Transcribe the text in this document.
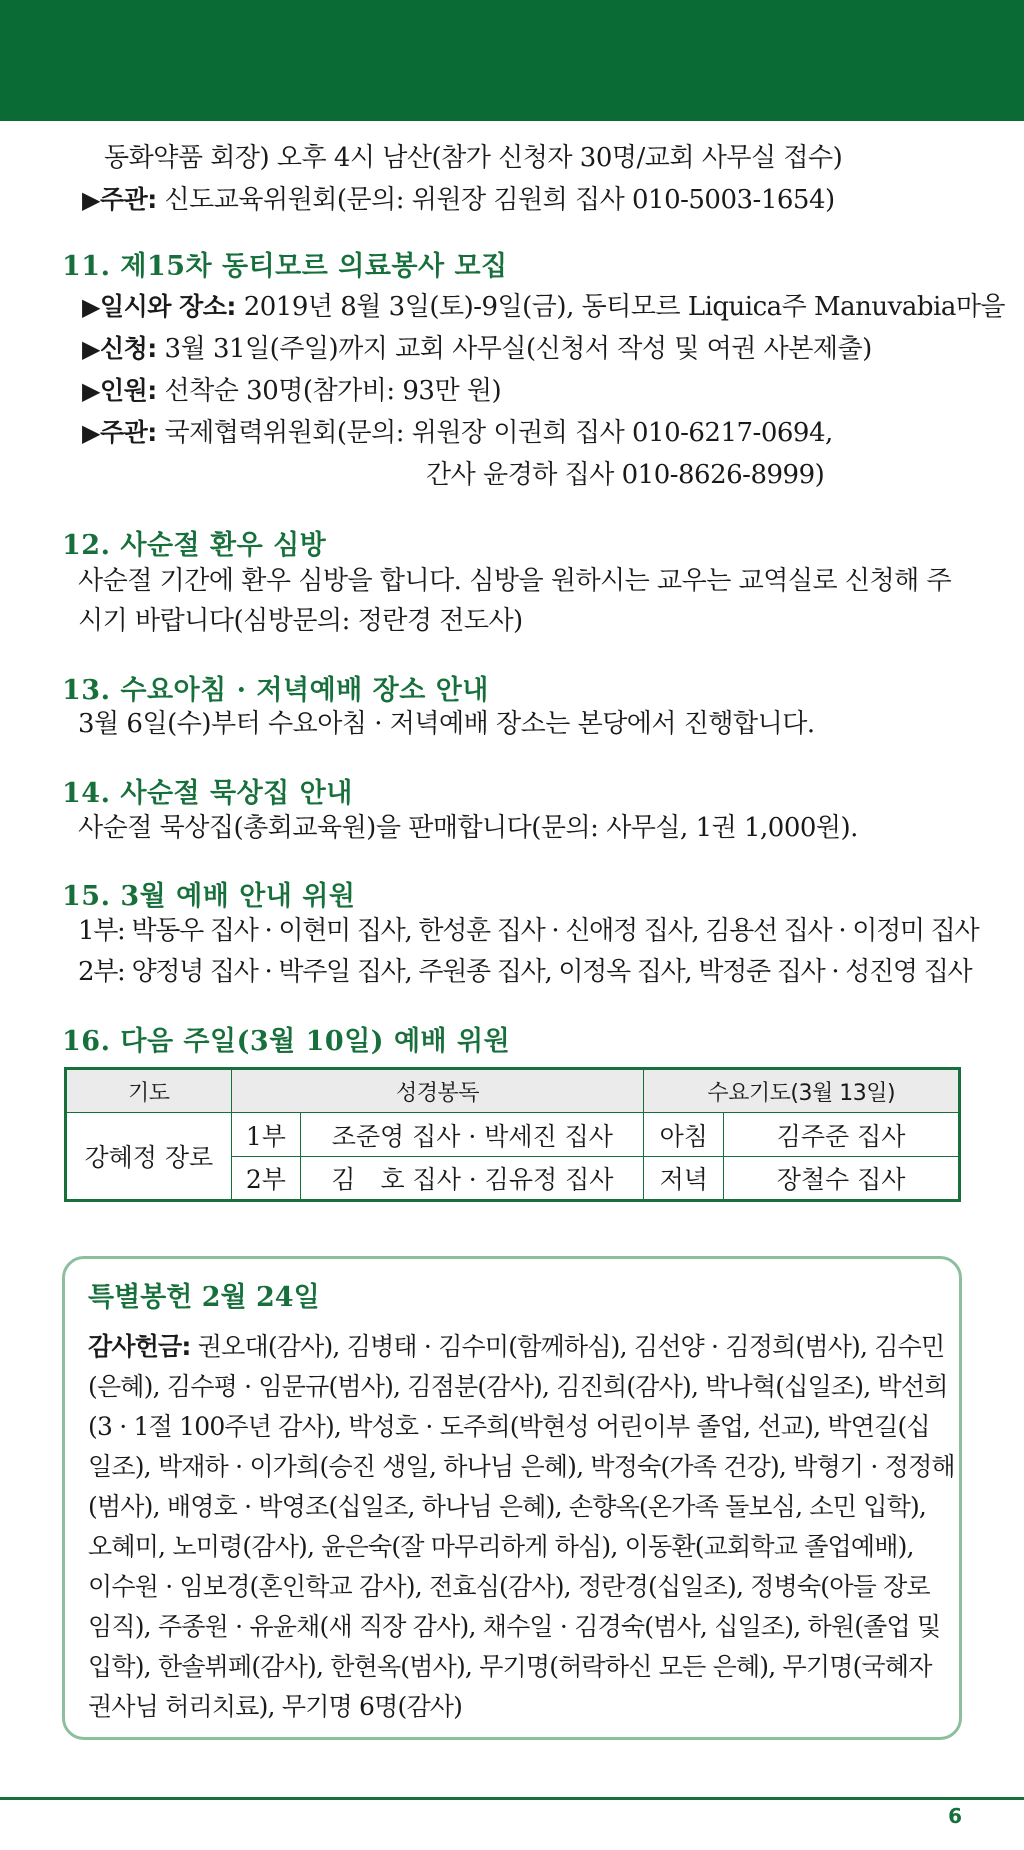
동화약품 회장) 오후 4시 남산(참가 신청자 30명/교회 사무실 접수)
▶주관: 신도교육위원회(문의: 위원장 김원희 집사 010-5003-1654)
11. 제15차 동티모르 의료봉사 모집
▶일시와 장소: 2019년 8월 3일(토)-9일(금), 동티모르 Liquica주 Manuvabia마을
▶신청: 3월 31일(주일)까지 교회 사무실(신청서 작성 및 여권 사본제출)
▶인원: 선착순 30명(참가비: 93만 원)
▶주관: 국제협력위원회(문의: 위원장 이권희 집사 010-6217-0694,
간사 윤경하 집사 010-8626-8999)
12. 사순절 환우 심방
사순절 기간에 환우 심방을 합니다. 심방을 원하시는 교우는 교역실로 신청해 주
시기 바랍니다(심방문의: 정란경 전도사)
13. 수요아침 · 저녁예배 장소 안내
3월 6일(수)부터 수요아침 · 저녁예배 장소는 본당에서 진행합니다.
14. 사순절 묵상집 안내
사순절 묵상집(총회교육원)을 판매합니다(문의: 사무실, 1권 1,000원).
15. 3월 예배 안내 위원
1부: 박동우 집사 · 이현미 집사, 한성훈 집사 · 신애정 집사, 김용선 집사 · 이정미 집사
2부: 양정녕 집사 · 박주일 집사, 주원종 집사, 이정옥 집사, 박정준 집사 · 성진영 집사
16. 다음 주일(3월 10일) 예배 위원
기도	성경봉독		수요기도(3월 13일)	
강혜정 장로	1부	조준영 집사 · 박세진 집사	아침	김주준 집사
	2부	김　호 집사 · 김유정 집사	저녁	장철수 집사
특별봉헌 2월 24일
감사헌금: 권오대(감사), 김병태 · 김수미(함께하심), 김선양 · 김정희(범사), 김수민
(은혜), 김수평 · 임문규(범사), 김점분(감사), 김진희(감사), 박나혁(십일조), 박선희
(3 · 1절 100주년 감사), 박성호 · 도주희(박현성 어린이부 졸업, 선교), 박연길(십
일조), 박재하 · 이가희(승진 생일, 하나님 은혜), 박정숙(가족 건강), 박형기 · 정정해
(범사), 배영호 · 박영조(십일조, 하나님 은혜), 손향옥(온가족 돌보심, 소민 입학),
오혜미, 노미령(감사), 윤은숙(잘 마무리하게 하심), 이동환(교회학교 졸업예배),
이수원 · 임보경(혼인학교 감사), 전효심(감사), 정란경(십일조), 정병숙(아들 장로
임직), 주종원 · 유윤채(새 직장 감사), 채수일 · 김경숙(범사, 십일조), 하원(졸업 및
입학), 한솔뷔페(감사), 한현옥(범사), 무기명(허락하신 모든 은혜), 무기명(국혜자
권사님 허리치료), 무기명 6명(감사)
6
